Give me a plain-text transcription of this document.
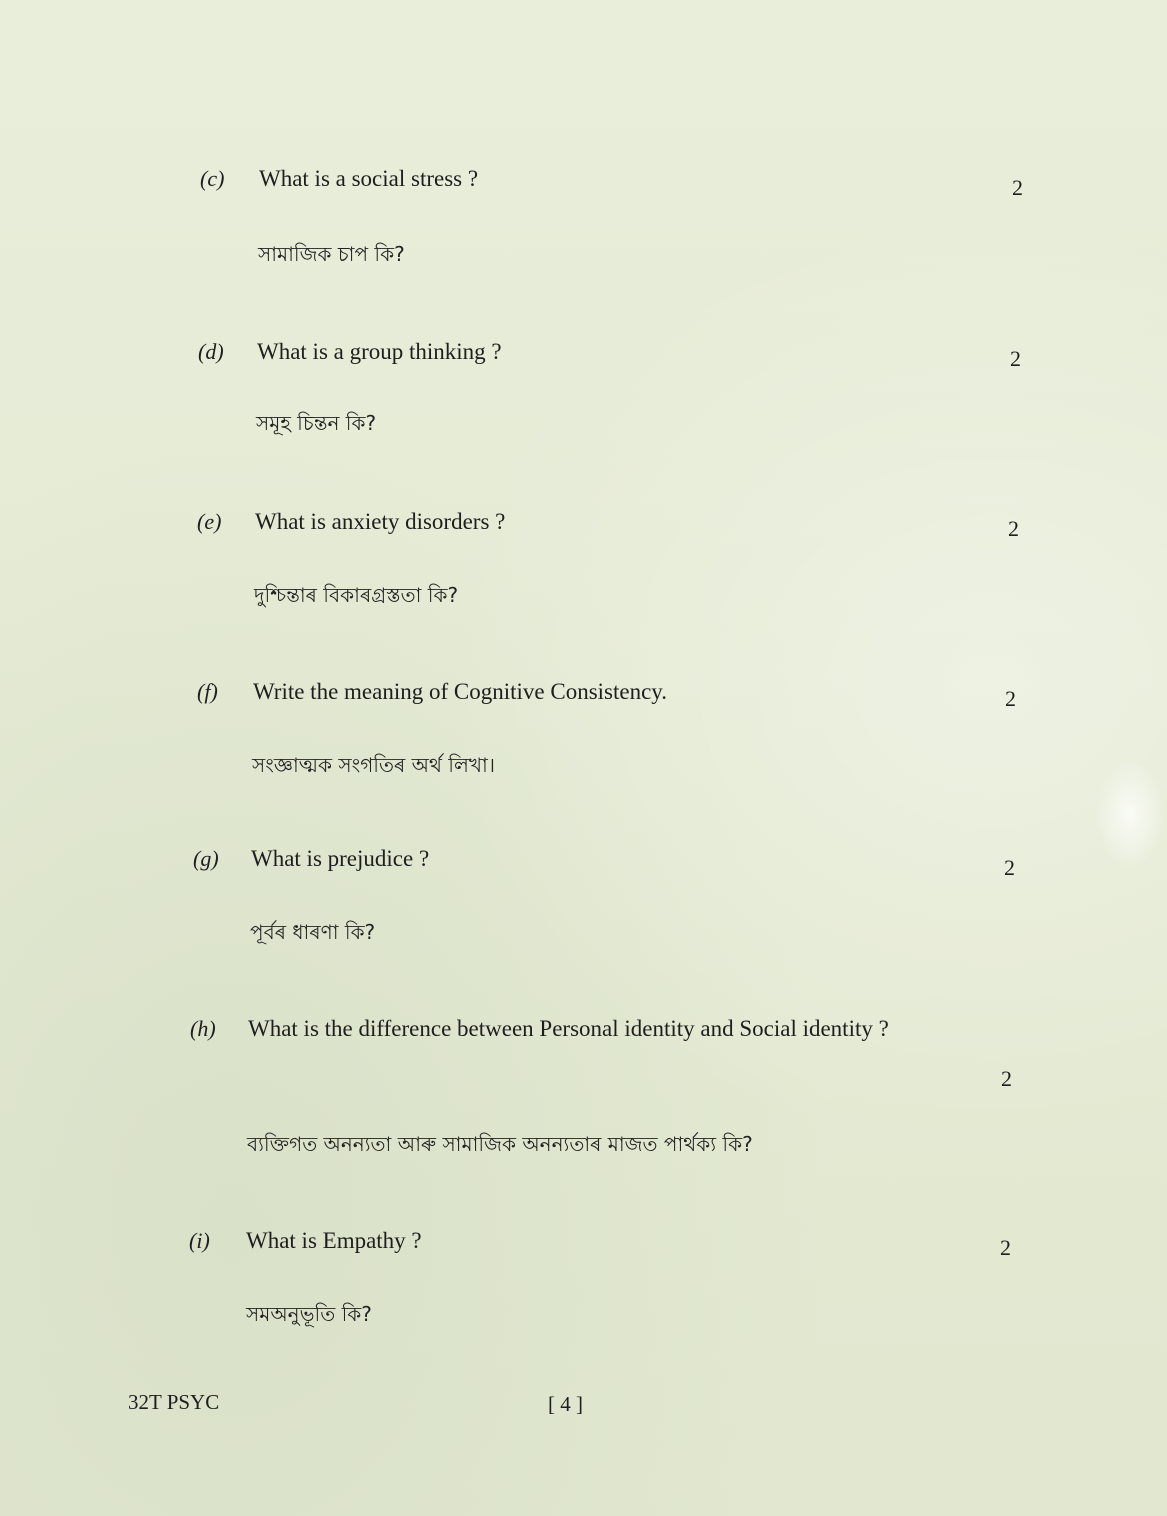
(c) What is a social stress ?	2
সামাজিক চাপ কি?
(d) What is a group thinking ?	2
সমূহ চিন্তন কি?
(e) What is anxiety disorders ?	2
দুশ্চিন্তাৰ বিকাৰগ্ৰস্ততা কি?
(f) Write the meaning of Cognitive Consistency.	2
সংজ্ঞাত্মক সংগতিৰ অৰ্থ লিখা।
(g) What is prejudice ?	2
পূৰ্বৰ ধাৰণা কি?
(h) What is the difference between Personal identity and Social identity ?
2
ব্যক্তিগত অনন্যতা আৰু সামাজিক অনন্যতাৰ মাজত পাৰ্থক্য কি?
(i) What is Empathy ?	2
সমঅনুভূতি কি?
32T PSYC	[ 4 ]
